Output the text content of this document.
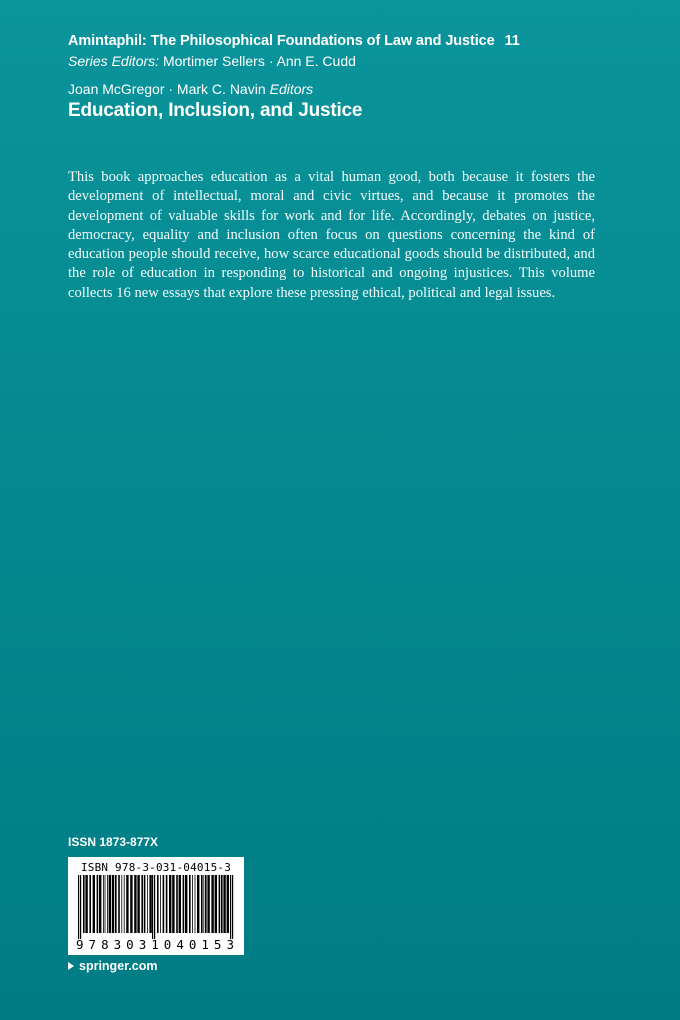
Amintaphil: The Philosophical Foundations of Law and Justice 11
Series Editors: Mortimer Sellers · Ann E. Cudd
Joan McGregor · Mark C. Navin Editors
Education, Inclusion, and Justice
This book approaches education as a vital human good, both because it fosters the development of intellectual, moral and civic virtues, and because it promotes the development of valuable skills for work and for life. Accordingly, debates on justice, democracy, equality and inclusion often focus on questions concerning the kind of education people should receive, how scarce educational goods should be distributed, and the role of education in responding to historical and ongoing injustices. This volume collects 16 new essays that explore these pressing ethical, political and legal issues.
ISSN 1873-877X
ISBN 978-3-031-04015-3
9783031040153
springer.com
